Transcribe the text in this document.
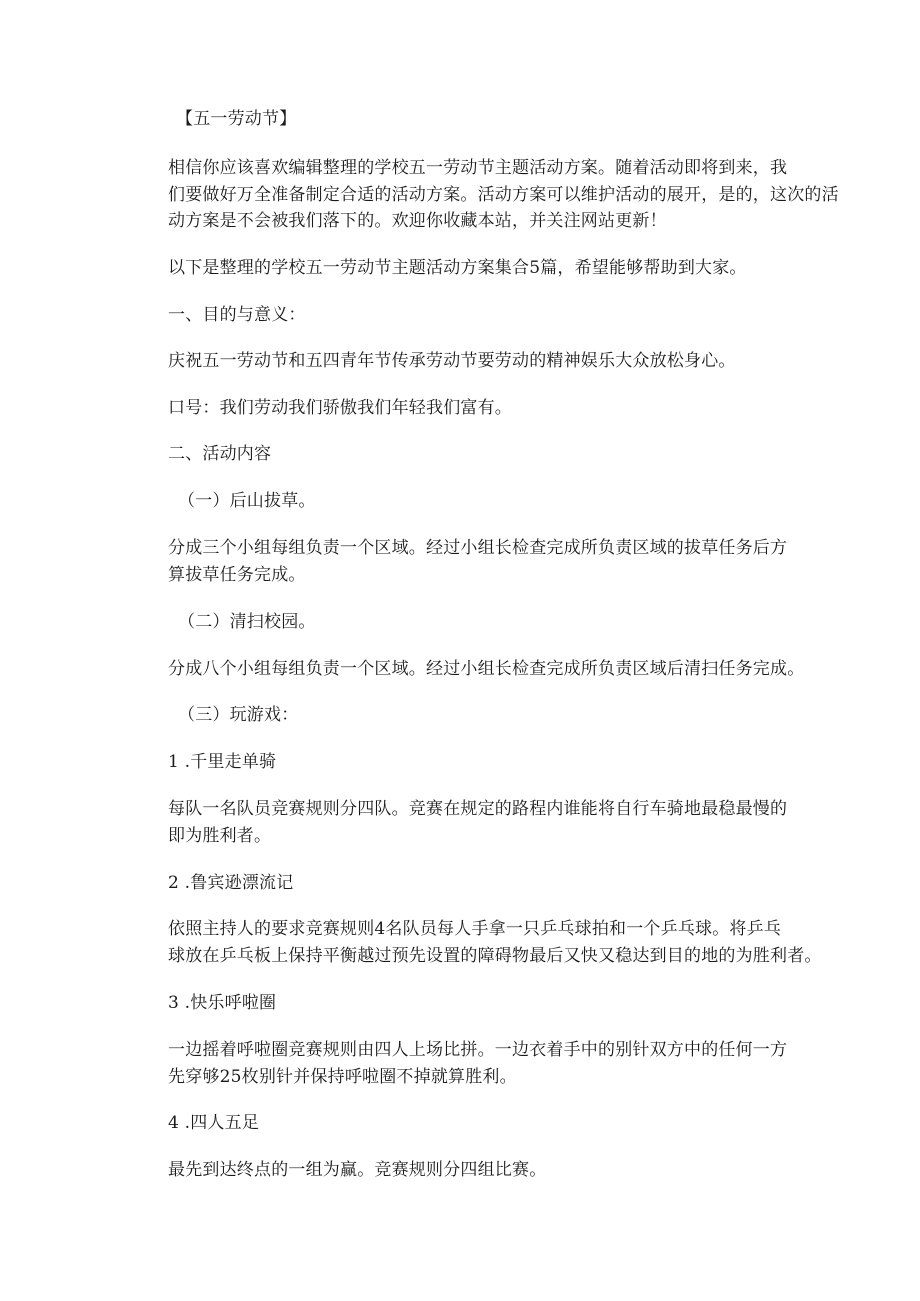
【五一劳动节】
相信你应该喜欢编辑整理的学校五一劳动节主题活动方案。随着活动即将到来，我
们要做好万全准备制定合适的活动方案。活动方案可以维护活动的展开，是的，这次的活
动方案是不会被我们落下的。欢迎你收藏本站，并关注网站更新！
以下是整理的学校五一劳动节主题活动方案集合5篇，希望能够帮助到大家。
一、目的与意义：
庆祝五一劳动节和五四青年节传承劳动节要劳动的精神娱乐大众放松身心。
口号：我们劳动我们骄傲我们年轻我们富有。
二、活动内容
（一）后山拔草。
分成三个小组每组负责一个区域。经过小组长检查完成所负责区域的拔草任务后方
算拔草任务完成。
（二）清扫校园。
分成八个小组每组负责一个区域。经过小组长检查完成所负责区域后清扫任务完成。
（三）玩游戏：
1 .千里走单骑
每队一名队员竞赛规则分四队。竞赛在规定的路程内谁能将自行车骑地最稳最慢的
即为胜利者。
2 .鲁宾逊漂流记
依照主持人的要求竞赛规则4名队员每人手拿一只乒乓球拍和一个乒乓球。将乒乓
球放在乒乓板上保持平衡越过预先设置的障碍物最后又快又稳达到目的地的为胜利者。
3 .快乐呼啦圈
一边摇着呼啦圈竞赛规则由四人上场比拼。一边衣着手中的别针双方中的任何一方
先穿够25枚别针并保持呼啦圈不掉就算胜利。
4 .四人五足
最先到达终点的一组为赢。竞赛规则分四组比赛。
